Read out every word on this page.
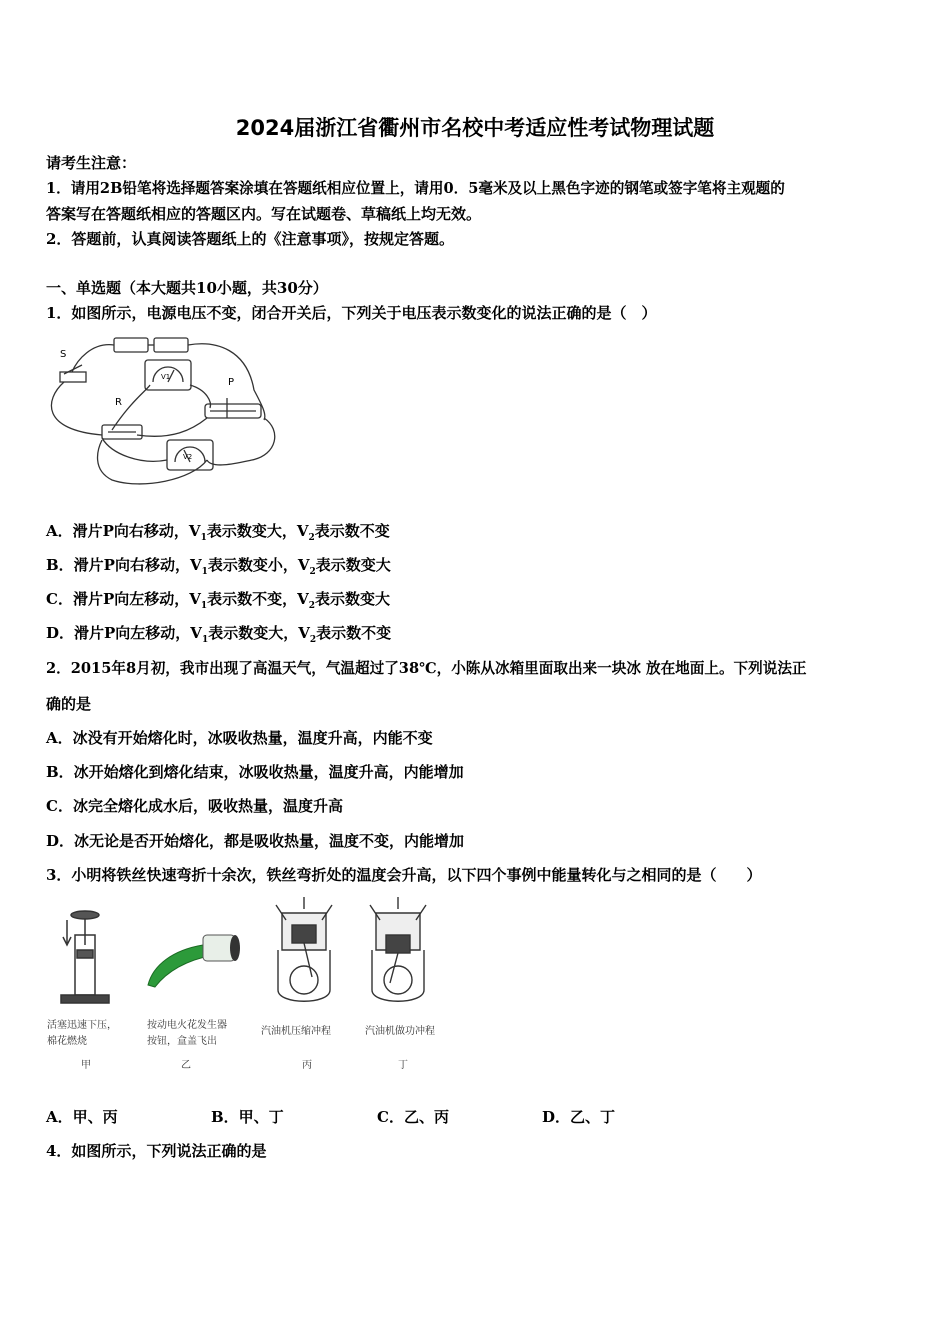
2024届浙江省衢州市名校中考适应性考试物理试题
请考生注意：
1．请用2B铅笔将选择题答案涂填在答题纸相应位置上，请用0．5毫米及以上黑色字迹的钢笔或签字笔将主观题的
答案写在答题纸相应的答题区内。写在试题卷、草稿纸上均无效。
2．答题前，认真阅读答题纸上的《注意事项》，按规定答题。
一、单选题（本大题共10小题，共30分）
1．如图所示，电源电压不变，闭合开关后，下列关于电压表示数变化的说法正确的是（　）
S
R
P
V1
V2
A．滑片P向右移动，$V_1$表示数变大，$V_2$表示数不变
B．滑片P向右移动，$V_1$表示数变小，$V_2$表示数变大
C．滑片P向左移动，$V_1$表示数不变，$V_2$表示数变大
D．滑片P向左移动，$V_1$表示数变大，$V_2$表示数不变
2．2015年8月初，我市出现了高温天气，气温超过了38℃，小陈从冰箱里面取出来一块冰 放在地面上。下列说法正
确的是
A．冰没有开始熔化时，冰吸收热量，温度升高，内能不变
B．冰开始熔化到熔化结束，冰吸收热量，温度升高，内能增加
C．冰完全熔化成水后，吸收热量，温度升高
D．冰无论是否开始熔化，都是吸收热量，温度不变，内能增加
3．小明将铁丝快速弯折十余次，铁丝弯折处的温度会升高，以下四个事例中能量转化与之相同的是（　　）
活塞迅速下压，
棉花燃烧
甲
按动电火花发生器
按钮，盒盖飞出
乙
汽油机压缩冲程
丙
汽油机做功冲程
丁
A．甲、丙	B．甲、丁	C．乙、丙	D．乙、丁
4．如图所示，下列说法正确的是
